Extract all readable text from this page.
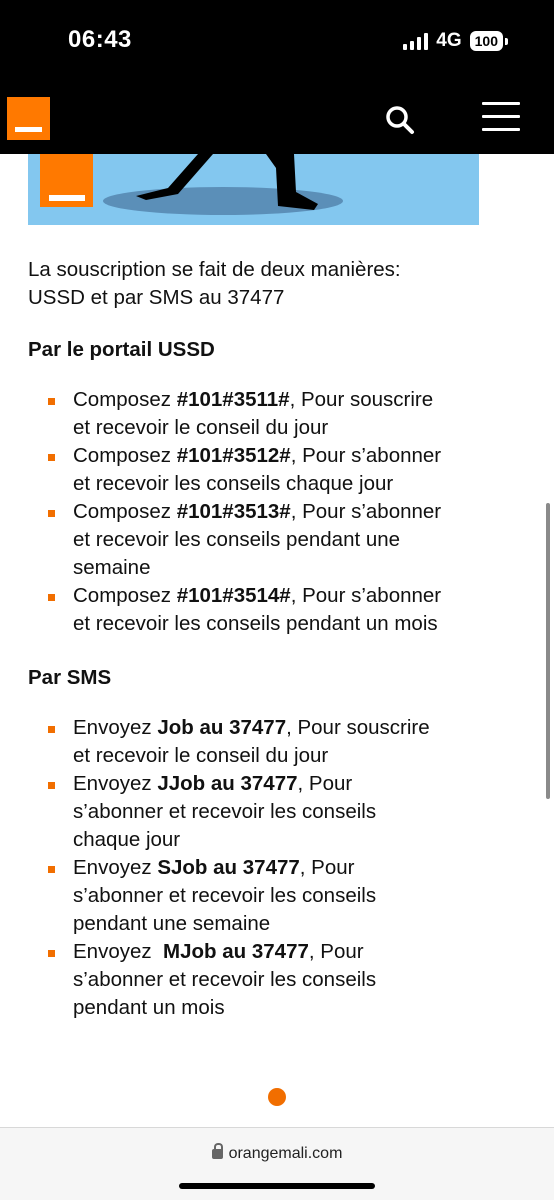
06:43	4G 100

La souscription se fait de deux manières:
USSD et par SMS au 37477

Par le portail USSD

Composez #101#3511#, Pour souscrire
et recevoir le conseil du jour
Composez #101#3512#, Pour s’abonner
et recevoir les conseils chaque jour
Composez #101#3513#, Pour s’abonner
et recevoir les conseils pendant une
semaine
Composez #101#3514#, Pour s’abonner
et recevoir les conseils pendant un mois

Par SMS

Envoyez Job au 37477, Pour souscrire
et recevoir le conseil du jour
Envoyez JJob au 37477, Pour
s’abonner et recevoir les conseils
chaque jour
Envoyez SJob au 37477, Pour
s’abonner et recevoir les conseils
pendant une semaine
Envoyez  MJob au 37477, Pour
s’abonner et recevoir les conseils
pendant un mois
orangemali.com
